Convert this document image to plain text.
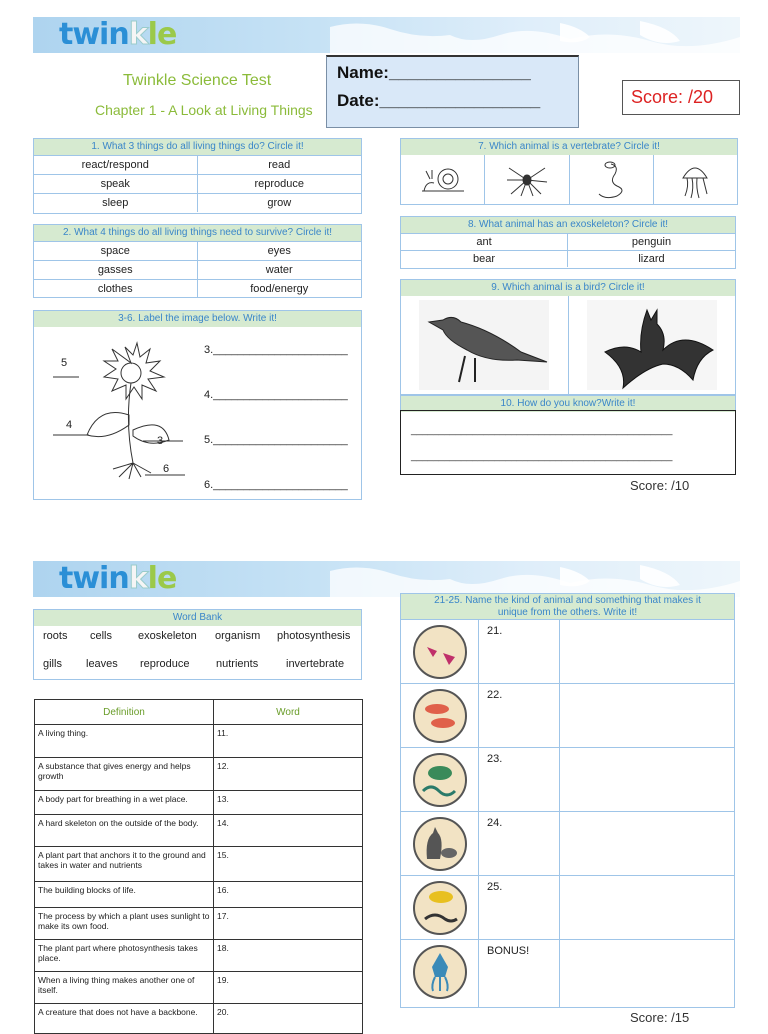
twinkle
Twinkle Science Test
Chapter 1 - A Look at Living Things
Name:_______________
Date:_________________	Score: /20
1. What 3 things do all living things do? Circle it!
react/respond	read
speak	reproduce
sleep	grow
2. What 4 things do all living things need to survive? Circle it!
space	eyes
gasses	water
clothes	food/energy
3-6. Label the image below. Write it!
5
4
3
6
3.______________________
4.______________________
5.______________________
6.______________________
7. Which animal is a vertebrate? Circle it!
8. What animal has an exoskeleton? Circle it!
ant	penguin
bear	lizard
9. Which animal is a bird? Circle it!
10. How do you know?Write it!
_______________________________________________
_______________________________________________
Score: /10
twinkle
Word Bank
roots cells exoskeleton organism photosynthesis
gills leaves reproduce nutrients	invertebrate
Definition	Word
A living thing.	11.
A substance that gives energy and helps growth	12.
A body part for breathing in a wet place.	13.
A hard skeleton on the outside of the body.	14.
A plant part that anchors it to the ground and takes in water and nutrients	15.
The building blocks of life.	16.
The process by which a plant uses sunlight to make its own food.	17.
The plant part where photosynthesis takes place.	18.
When a living thing makes another one of itself.	19.
A creature that does not have a backbone.	20.
21-25. Name the kind of animal and something that makes it unique from the others. Write it!
21.
22.
23.
24.
25.
BONUS!
Score: /15
